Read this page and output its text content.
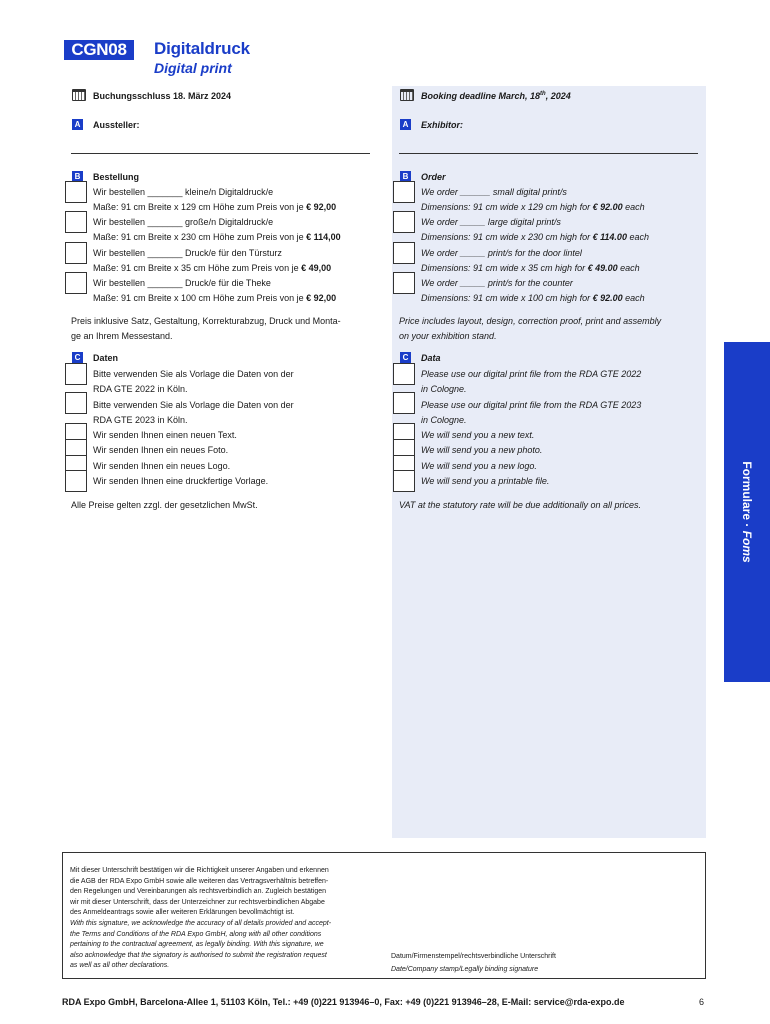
CGN08	Digitaldruck
Digital print
Formulare · Foms
Buchungsschluss 18. März 2024	Booking deadline March, 18th, 2024
A Aussteller:	A Exhibitor:
B Bestellung	B Order
Wir bestellen _______ kleine/n Digitaldruck/e
Maße: 91 cm Breite x 129 cm Höhe zum Preis von je € 92,00
Wir bestellen _______ große/n Digitaldruck/e
Maße: 91 cm Breite x 230 cm Höhe zum Preis von je € 114,00
Wir bestellen _______ Druck/e für den Türsturz
Maße: 91 cm Breite x 35 cm Höhe zum Preis von je € 49,00
Wir bestellen _______ Druck/e für die Theke
Maße: 91 cm Breite x 100 cm Höhe zum Preis von je € 92,00
We order ______ small digital print/s
Dimensions: 91 cm wide x 129 cm high for € 92.00 each
We order _____ large digital print/s
Dimensions: 91 cm wide x 230 cm high for € 114.00 each
We order _____ print/s for the door lintel
Dimensions: 91 cm wide x 35 cm high for € 49.00 each
We order _____ print/s for the counter
Dimensions: 91 cm wide x 100 cm high for € 92.00 each
Preis inklusive Satz, Gestaltung, Korrekturabzug, Druck und Monta-
ge an Ihrem Messestand.
Price includes layout, design, correction proof, print and assembly
on your exhibition stand.
C Daten	C Data
Bitte verwenden Sie als Vorlage die Daten von der
RDA GTE 2022 in Köln.
Bitte verwenden Sie als Vorlage die Daten von der
RDA GTE 2023 in Köln.
Wir senden Ihnen einen neuen Text.
Wir senden Ihnen ein neues Foto.
Wir senden Ihnen ein neues Logo.
Wir senden Ihnen eine druckfertige Vorlage.
Please use our digital print file from the RDA GTE 2022
in Cologne.
Please use our digital print file from the RDA GTE 2023
in Cologne.
We will send you a new text.
We will send you a new photo.
We will send you a new logo.
We will send you a printable file.
Alle Preise gelten zzgl. der gesetzlichen MwSt.	VAT at the statutory rate will be due additionally on all prices.
Mit dieser Unterschrift bestätigen wir die Richtigkeit unserer Angaben und erkennen
die AGB der RDA Expo GmbH sowie alle weiteren das Vertragsverhältnis betreffen-
den Regelungen und Vereinbarungen als rechtsverbindlich an. Zugleich bestätigen
wir mit dieser Unterschrift, dass der Unterzeichner zur rechtsverbindlichen Abgabe
des Anmeldeantrags sowie aller weiteren Erklärungen bevollmächtigt ist.
With this signature, we acknowledge the accuracy of all details provided and accept-
the Terms and Conditions of the RDA Expo GmbH, along with all other conditions
pertaining to the contractual agreement, as legally binding. With this signature, we
also acknowledge that the signatory is authorised to submit the registration request
as well as all other declarations.
Datum/Firmenstempel/rechtsverbindliche Unterschrift
Date/Company stamp/Legally binding signature
RDA Expo GmbH, Barcelona-Allee 1, 51103 Köln, Tel.: +49 (0)221 913946–0, Fax: +49 (0)221 913946–28, E-Mail: service@rda-expo.de	6
